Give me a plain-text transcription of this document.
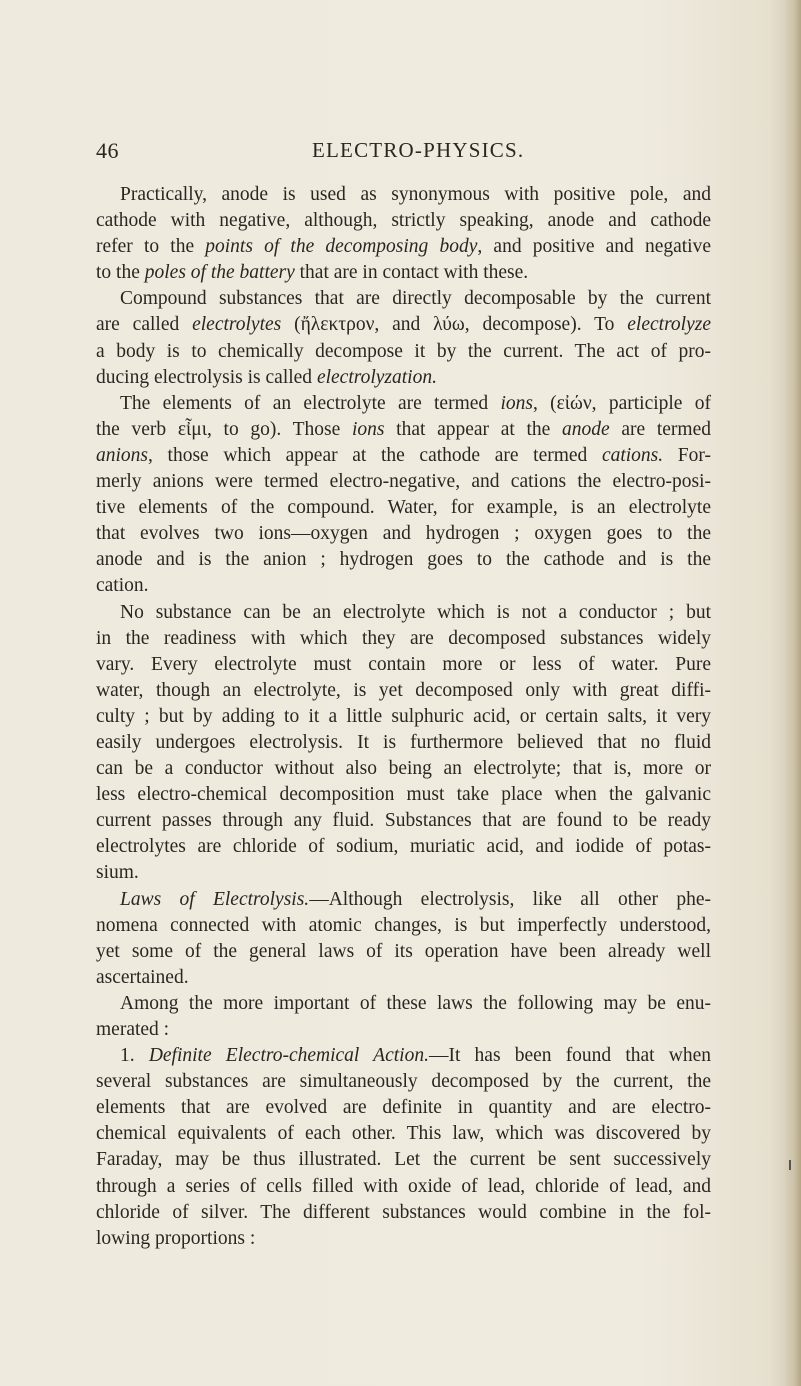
46	ELECTRO-PHYSICS.
Practically, anode is used as synonymous with positive pole, and
cathode with negative, although, strictly speaking, anode and cathode
refer to the points of the decomposing body, and positive and negative
to the poles of the battery that are in contact with these.
Compound substances that are directly decomposable by the current
are called electrolytes (ἤλεκτρον, and λύω, decompose). To electrolyze
a body is to chemically decompose it by the current. The act of pro-
ducing electrolysis is called electrolyzation.
The elements of an electrolyte are termed ions, (εἰών, participle of
the verb εἶμι, to go). Those ions that appear at the anode are termed
anions, those which appear at the cathode are termed cations. For-
merly anions were termed electro-negative, and cations the electro-posi-
tive elements of the compound. Water, for example, is an electrolyte
that evolves two ions—oxygen and hydrogen ; oxygen goes to the
anode and is the anion ; hydrogen goes to the cathode and is the
cation.
No substance can be an electrolyte which is not a conductor ; but
in the readiness with which they are decomposed substances widely
vary. Every electrolyte must contain more or less of water. Pure
water, though an electrolyte, is yet decomposed only with great diffi-
culty ; but by adding to it a little sulphuric acid, or certain salts, it very
easily undergoes electrolysis. It is furthermore believed that no fluid
can be a conductor without also being an electrolyte; that is, more or
less electro-chemical decomposition must take place when the galvanic
current passes through any fluid. Substances that are found to be ready
electrolytes are chloride of sodium, muriatic acid, and iodide of potas-
sium.
Laws of Electrolysis.—Although electrolysis, like all other phe-
nomena connected with atomic changes, is but imperfectly understood,
yet some of the general laws of its operation have been already well
ascertained.
Among the more important of these laws the following may be enu-
merated :
1. Definite Electro-chemical Action.—It has been found that when
several substances are simultaneously decomposed by the current, the
elements that are evolved are definite in quantity and are electro-
chemical equivalents of each other. This law, which was discovered by
Faraday, may be thus illustrated. Let the current be sent successively
through a series of cells filled with oxide of lead, chloride of lead, and
chloride of silver. The different substances would combine in the fol-
lowing proportions :
